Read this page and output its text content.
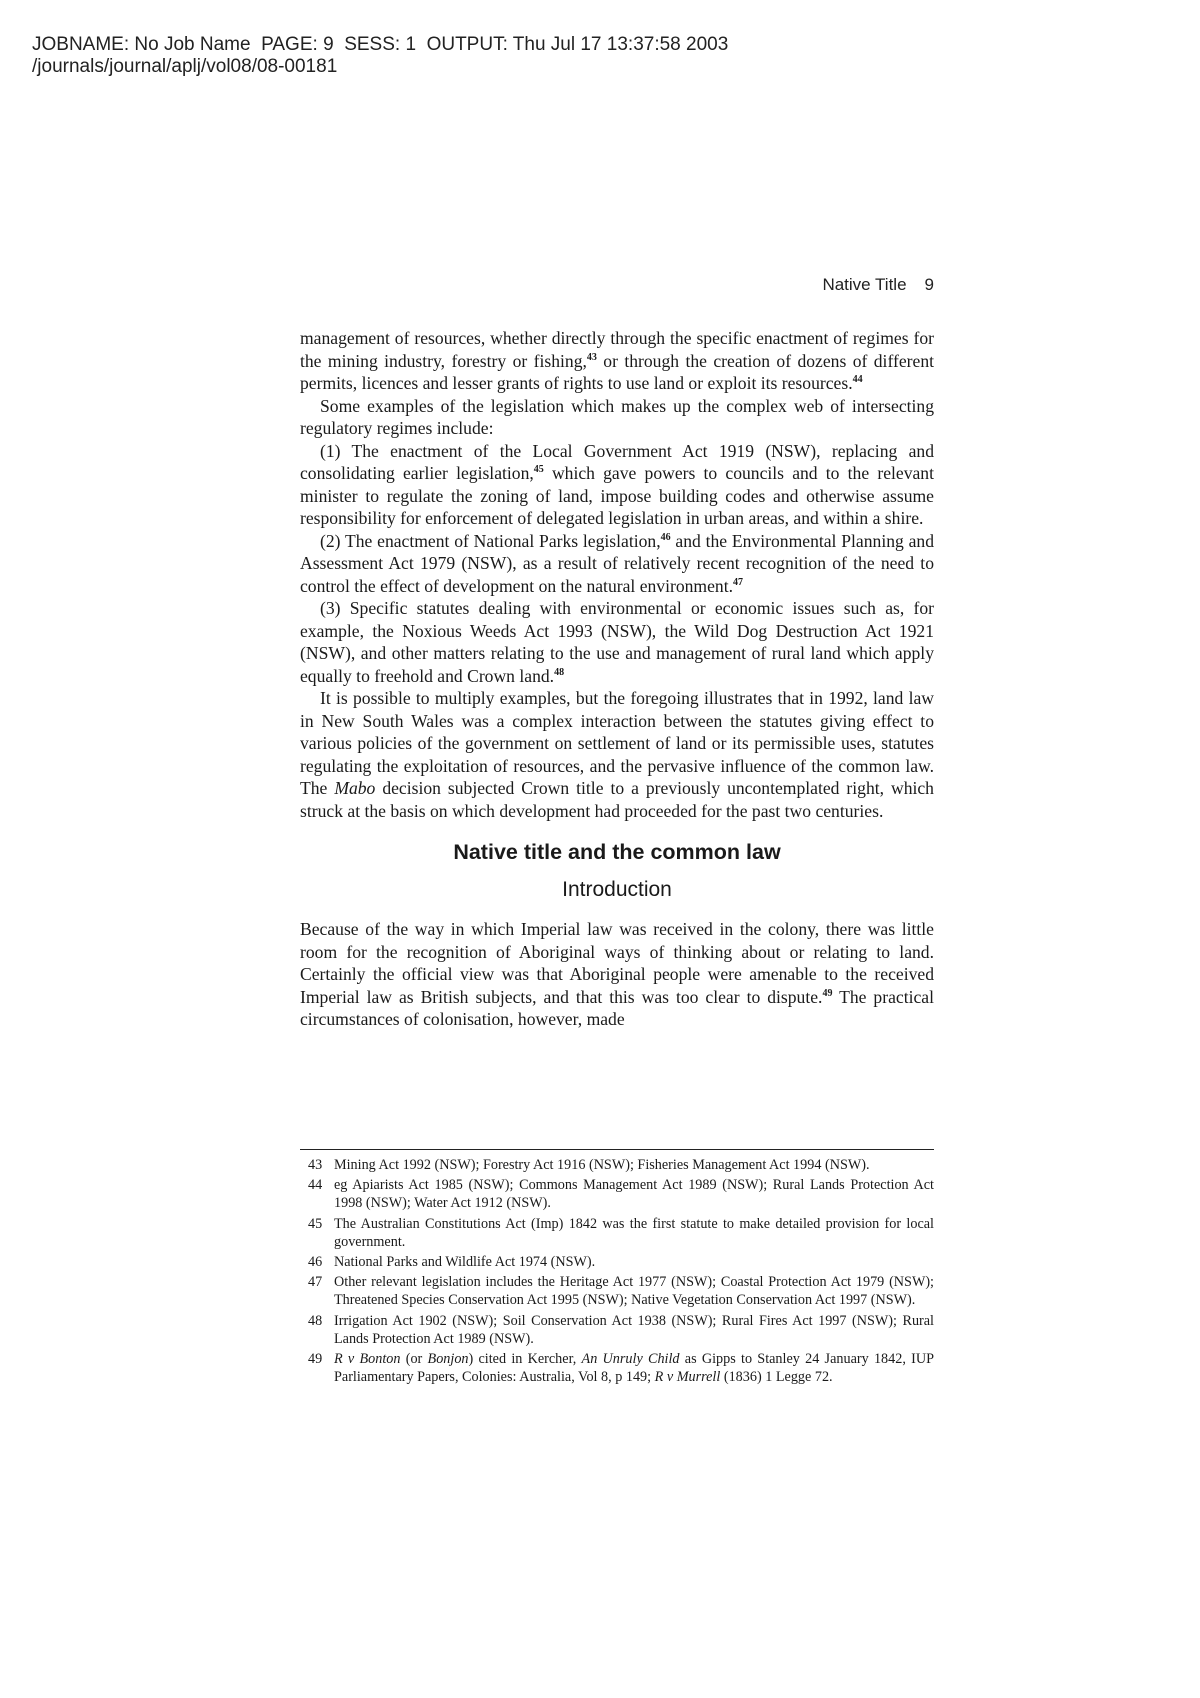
JOBNAME: No Job Name  PAGE: 9  SESS: 1  OUTPUT: Thu Jul 17 13:37:58 2003
/journals/journal/aplj/vol08/08-00181
Native Title 9

management of resources, whether directly through the specific enactment of regimes for the mining industry, forestry or fishing,$^{43}$ or through the creation of dozens of different permits, licences and lesser grants of rights to use land or exploit its resources.$^{44}$

Some examples of the legislation which makes up the complex web of intersecting regulatory regimes include:

(1) The enactment of the Local Government Act 1919 (NSW), replacing and consolidating earlier legislation,$^{45}$ which gave powers to councils and to the relevant minister to regulate the zoning of land, impose building codes and otherwise assume responsibility for enforcement of delegated legislation in urban areas, and within a shire.

(2) The enactment of National Parks legislation,$^{46}$ and the Environmental Planning and Assessment Act 1979 (NSW), as a result of relatively recent recognition of the need to control the effect of development on the natural environment.$^{47}$

(3) Specific statutes dealing with environmental or economic issues such as, for example, the Noxious Weeds Act 1993 (NSW), the Wild Dog Destruction Act 1921 (NSW), and other matters relating to the use and management of rural land which apply equally to freehold and Crown land.$^{48}$

It is possible to multiply examples, but the foregoing illustrates that in 1992, land law in New South Wales was a complex interaction between the statutes giving effect to various policies of the government on settlement of land or its permissible uses, statutes regulating the exploitation of resources, and the pervasive influence of the common law. The Mabo decision subjected Crown title to a previously uncontemplated right, which struck at the basis on which development had proceeded for the past two centuries.

Native title and the common law
Introduction

Because of the way in which Imperial law was received in the colony, there was little room for the recognition of Aboriginal ways of thinking about or relating to land. Certainly the official view was that Aboriginal people were amenable to the received Imperial law as British subjects, and that this was too clear to dispute.$^{49}$ The practical circumstances of colonisation, however, made

43 Mining Act 1992 (NSW); Forestry Act 1916 (NSW); Fisheries Management Act 1994 (NSW).
44 eg Apiarists Act 1985 (NSW); Commons Management Act 1989 (NSW); Rural Lands Protection Act 1998 (NSW); Water Act 1912 (NSW).
45 The Australian Constitutions Act (Imp) 1842 was the first statute to make detailed provision for local government.
46 National Parks and Wildlife Act 1974 (NSW).
47 Other relevant legislation includes the Heritage Act 1977 (NSW); Coastal Protection Act 1979 (NSW); Threatened Species Conservation Act 1995 (NSW); Native Vegetation Conservation Act 1997 (NSW).
48 Irrigation Act 1902 (NSW); Soil Conservation Act 1938 (NSW); Rural Fires Act 1997 (NSW); Rural Lands Protection Act 1989 (NSW).
49 R v Bonton (or Bonjon) cited in Kercher, An Unruly Child as Gipps to Stanley 24 January 1842, IUP Parliamentary Papers, Colonies: Australia, Vol 8, p 149; R v Murrell (1836) 1 Legge 72.
